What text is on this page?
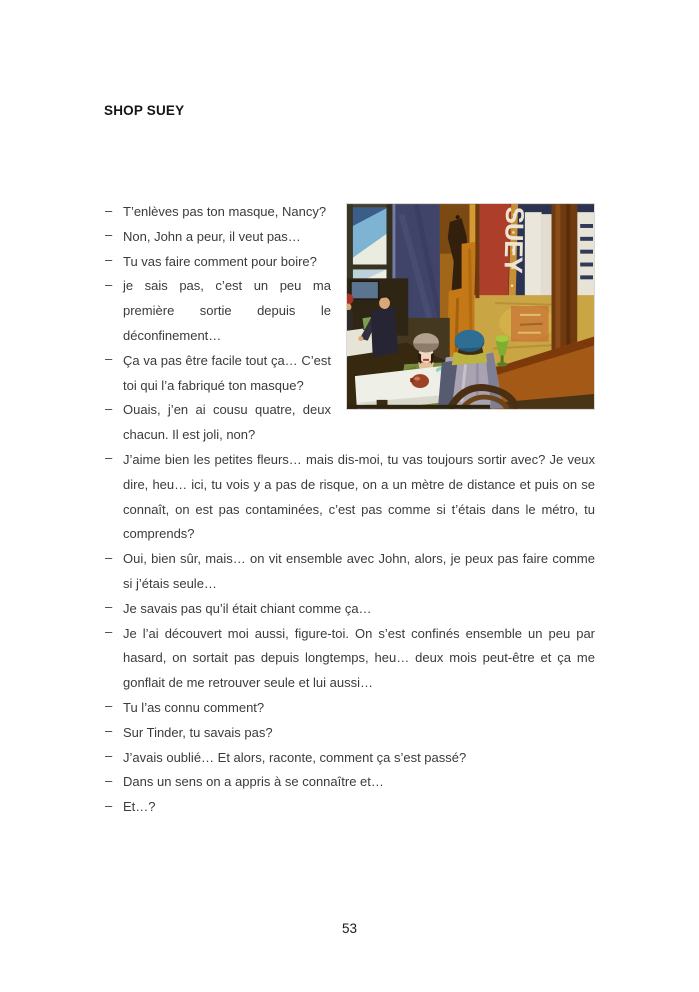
SHOP SUEY
SUEY

– T’enlèves pas ton masque, Nancy?

– Non, John a peur, il veut pas…

– Tu vas faire comment pour boire?

– je sais pas, c’est un peu ma première sortie depuis le déconfinement…

– Ça va pas être facile tout ça… C’est toi qui l’a fabriqué ton masque?

– Ouais, j’en ai cousu quatre, deux chacun. Il est joli, non?

– J’aime bien les petites fleurs… mais dis-moi, tu vas toujours sortir avec? Je veux dire, heu… ici, tu vois y a pas de risque, on a un mètre de distance et puis on se connaît, on est pas contaminées, c’est pas comme si t’étais dans le métro, tu comprends?

– Oui, bien sûr, mais… on vit ensemble avec John, alors, je peux pas faire comme si j’étais seule…

– Je savais pas qu’il était chiant comme ça…

– Je l’ai découvert moi aussi, figure-toi. On s’est confinés ensemble un peu par hasard, on sortait pas depuis longtemps, heu… deux mois peut-être et ça me gonflait de me retrouver seule et lui aussi…

– Tu l’as connu comment?

– Sur Tinder, tu savais pas?

– J’avais oublié… Et alors, raconte, comment ça s’est passé?

– Dans un sens on a appris à se connaître et…

– Et…?

53
